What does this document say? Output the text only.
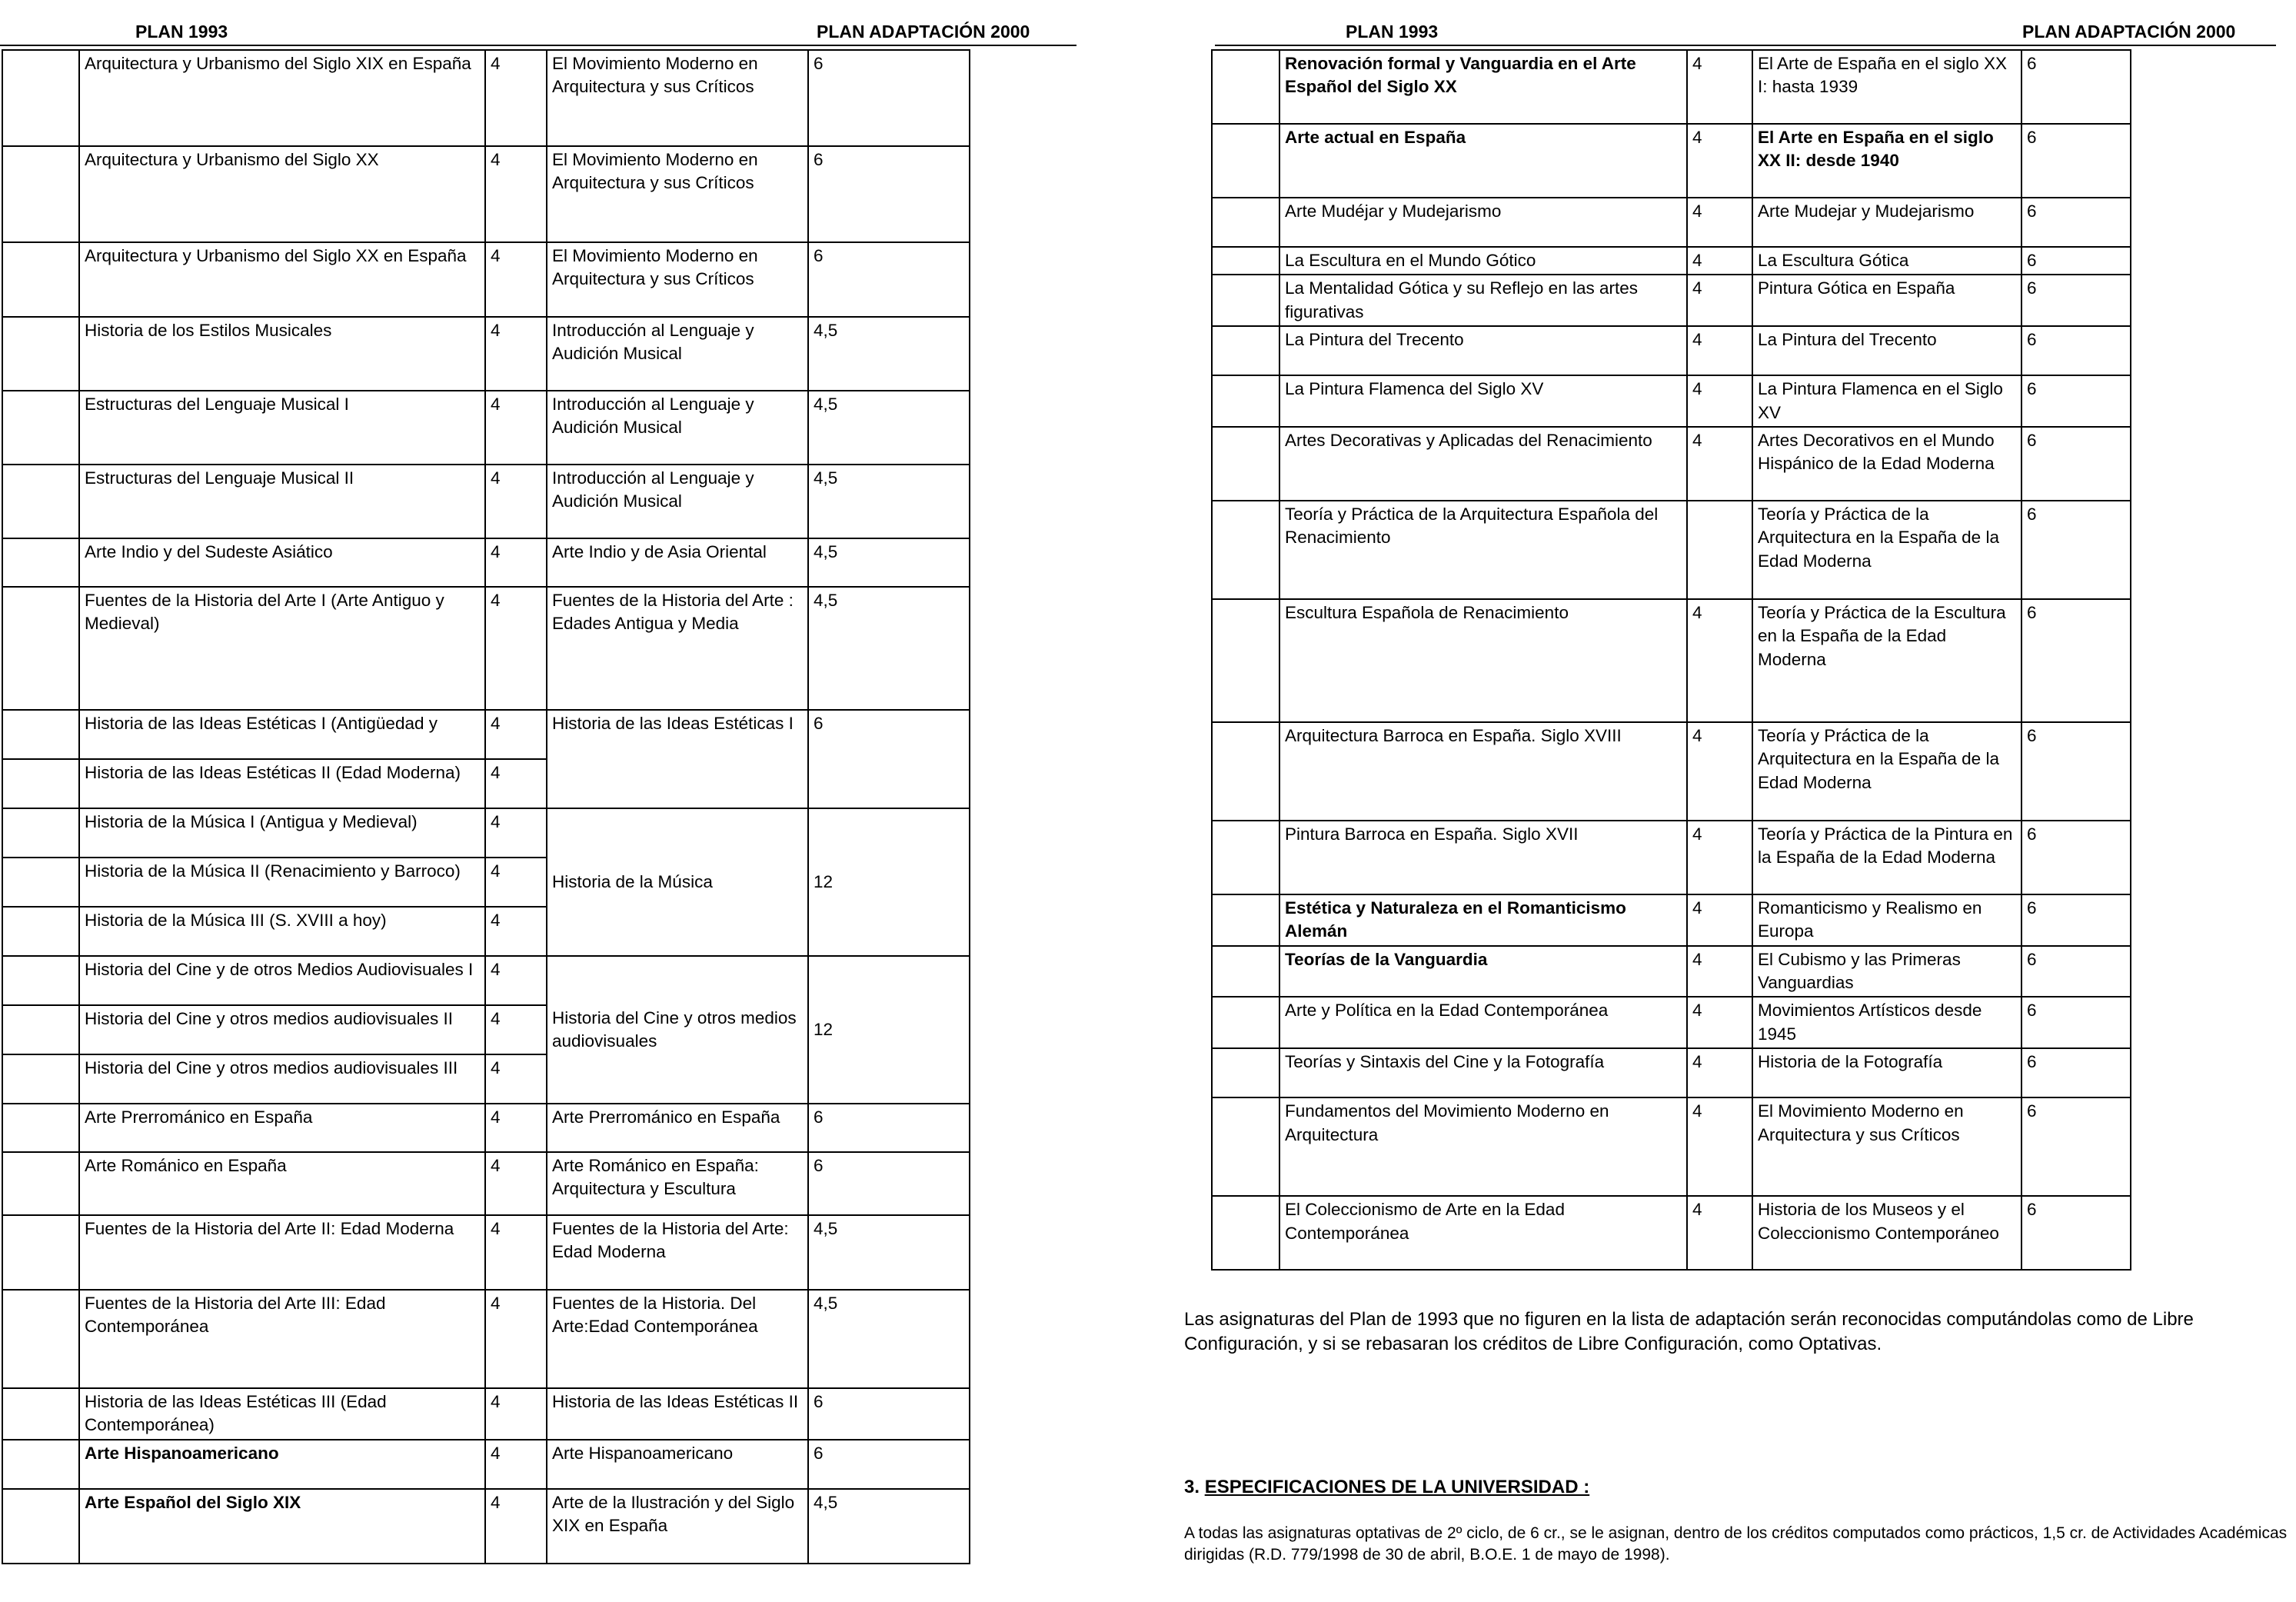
PLAN 1993	PLAN ADAPTACIÓN 2000
	Arquitectura y Urbanismo del Siglo XIX en España	4	El Movimiento Moderno en Arquitectura y sus Críticos	6
	Arquitectura y Urbanismo del Siglo XX	4	El Movimiento Moderno en Arquitectura y sus Críticos	6
	Arquitectura y Urbanismo del Siglo XX en España	4	El Movimiento Moderno en Arquitectura y sus Críticos	6
	Historia de los Estilos Musicales	4	Introducción al Lenguaje y Audición Musical	4,5
	Estructuras del Lenguaje Musical I	4	Introducción al Lenguaje y Audición Musical	4,5
	Estructuras del Lenguaje Musical II	4	Introducción al Lenguaje y Audición Musical	4,5
	Arte Indio y del Sudeste Asiático	4	Arte Indio y de Asia Oriental	4,5
	Fuentes de la Historia del Arte I (Arte Antiguo y Medieval)	4	Fuentes de la Historia del Arte : Edades Antigua y Media	4,5
	Historia de las Ideas Estéticas I (Antigüedad y	4	Historia de las Ideas Estéticas I	6
	Historia de las Ideas Estéticas II (Edad Moderna)	4		
	Historia de la Música I (Antigua y Medieval)	4	Historia de la Música	12
	Historia de la Música II (Renacimiento y Barroco)	4		
	Historia de la Música III (S. XVIII a hoy)	4		
	Historia del Cine y de otros Medios Audiovisuales I	4	Historia del Cine y otros medios audiovisuales	12
	Historia del Cine y otros medios audiovisuales II	4		
	Historia del Cine y otros medios audiovisuales III	4		
	Arte Prerrománico en España	4	Arte Prerrománico en España	6
	Arte Románico en España	4	Arte Románico en España: Arquitectura y Escultura	6
	Fuentes de la Historia del Arte II: Edad Moderna	4	Fuentes de la Historia del Arte: Edad Moderna	4,5
	Fuentes de la Historia del Arte III: Edad Contemporánea	4	Fuentes de la Historia. Del Arte:Edad Contemporánea	4,5
	Historia de las Ideas Estéticas III (Edad Contemporánea)	4	Historia de las Ideas Estéticas II	6
	Arte Hispanoamericano	4	Arte Hispanoamericano	6
	Arte Español del Siglo XIX	4	Arte de la Ilustración y del Siglo XIX en España	4,5
PLAN 1993	PLAN ADAPTACIÓN 2000
	Renovación formal y Vanguardia en el Arte Español del Siglo XX	4	El Arte de España en el siglo XX I: hasta 1939	6
	Arte actual en España	4	El Arte en España en el siglo XX II: desde 1940	6
	Arte Mudéjar y Mudejarismo	4	Arte Mudejar y Mudejarismo	6
	La Escultura en el Mundo Gótico	4	La Escultura Gótica	6
	La Mentalidad Gótica y su Reflejo en las artes figurativas	4	Pintura Gótica en España	6
	La Pintura del Trecento	4	La Pintura del Trecento	6
	La Pintura Flamenca del Siglo XV	4	La Pintura Flamenca en el Siglo XV	6
	Artes Decorativas y Aplicadas del Renacimiento	4	Artes Decorativos en el Mundo Hispánico de la Edad Moderna	6
	Teoría y Práctica de la Arquitectura Española del Renacimiento		Teoría y Práctica de la Arquitectura en la España de la Edad Moderna	6
	Escultura Española de Renacimiento	4	Teoría y Práctica de la Escultura en la España de la Edad Moderna	6
	Arquitectura Barroca en España. Siglo XVIII	4	Teoría y Práctica de la Arquitectura en la España de la Edad Moderna	6
	Pintura Barroca en España. Siglo XVII	4	Teoría y Práctica de la Pintura en la España de la Edad Moderna	6
	Estética y Naturaleza en el Romanticismo Alemán	4	Romanticismo y Realismo en Europa	6
	Teorías de la Vanguardia	4	El Cubismo y las Primeras Vanguardias	6
	Arte y Política en la Edad Contemporánea	4	Movimientos Artísticos desde 1945	6
	Teorías y Sintaxis del Cine y la Fotografía	4	Historia de la Fotografía	6
	Fundamentos del Movimiento Moderno en Arquitectura	4	El Movimiento Moderno en Arquitectura y sus Críticos	6
	El Coleccionismo de Arte en la Edad Contemporánea	4	Historia de los Museos y el Coleccionismo Contemporáneo	6
Las asignaturas del Plan de 1993 que no figuren en la lista de adaptación serán reconocidas computándolas como de Libre Configuración, y si se rebasaran los créditos de Libre Configuración, como Optativas.
3. ESPECIFICACIONES DE LA UNIVERSIDAD :
A todas las asignaturas optativas de 2º ciclo, de 6 cr., se le asignan, dentro de los créditos computados como prácticos, 1,5 cr. de Actividades Académicas dirigidas (R.D. 779/1998 de 30 de abril, B.O.E. 1 de mayo de 1998).
